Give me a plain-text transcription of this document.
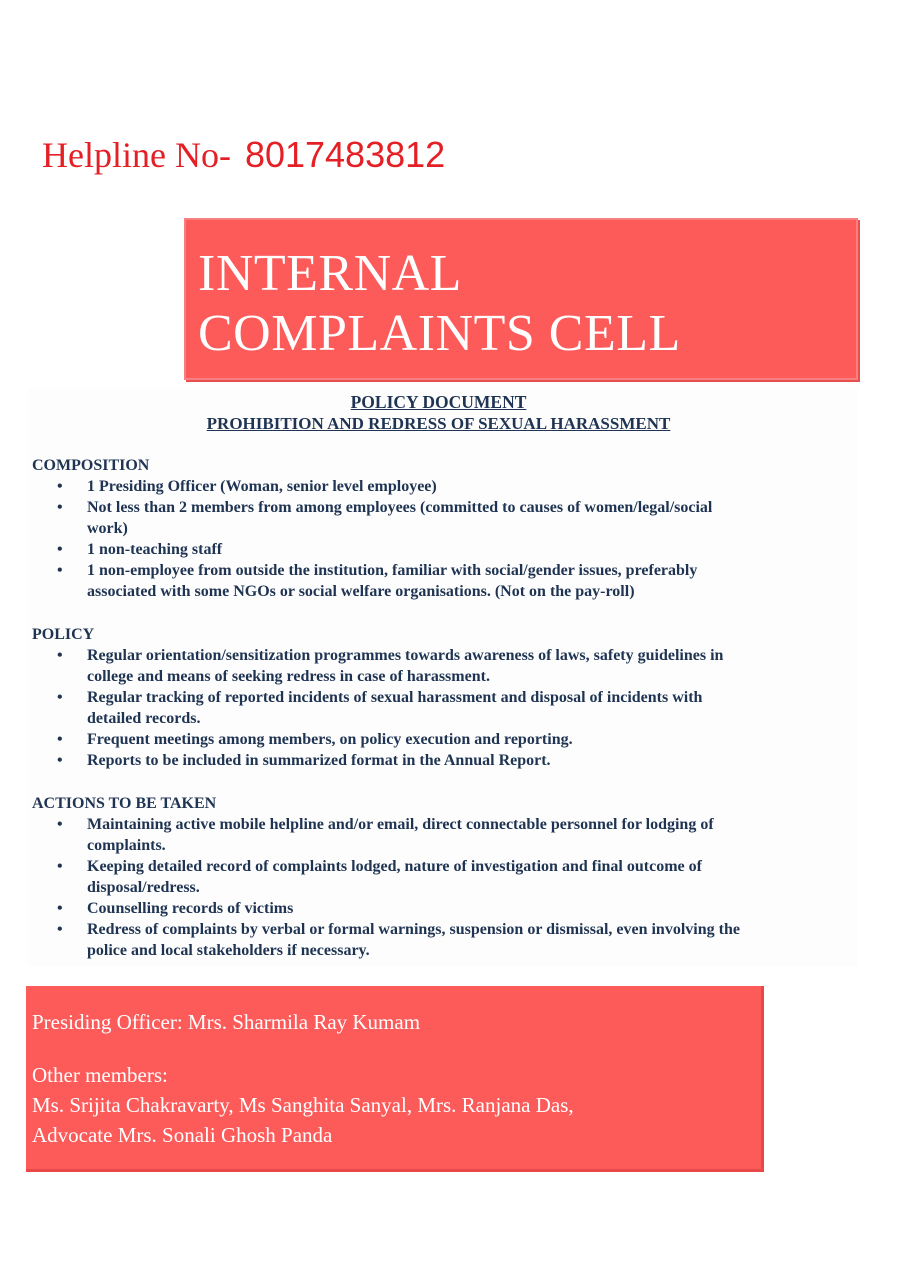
Helpline No- 8017483812
INTERNAL
COMPLAINTS CELL
POLICY DOCUMENT
PROHIBITION AND REDRESS OF SEXUAL HARASSMENT
COMPOSITION
• 1 Presiding Officer (Woman, senior level employee)
• Not less than 2 members from among employees (committed to causes of women/legal/social
work)
• 1 non-teaching staff
• 1 non-employee from outside the institution, familiar with social/gender issues, preferably
associated with some NGOs or social welfare organisations. (Not on the pay-roll)
POLICY
• Regular orientation/sensitization programmes towards awareness of laws, safety guidelines in
college and means of seeking redress in case of harassment.
• Regular tracking of reported incidents of sexual harassment and disposal of incidents with
detailed records.
• Frequent meetings among members, on policy execution and reporting.
• Reports to be included in summarized format in the Annual Report.
ACTIONS TO BE TAKEN
• Maintaining active mobile helpline and/or email, direct connectable personnel for lodging of
complaints.
• Keeping detailed record of complaints lodged, nature of investigation and final outcome of
disposal/redress.
• Counselling records of victims
• Redress of complaints by verbal or formal warnings, suspension or dismissal, even involving the
police and local stakeholders if necessary.
Presiding Officer: Mrs. Sharmila Ray Kumam
Other members:
Ms. Srijita Chakravarty, Ms Sanghita Sanyal, Mrs. Ranjana Das,
Advocate Mrs. Sonali Ghosh Panda
